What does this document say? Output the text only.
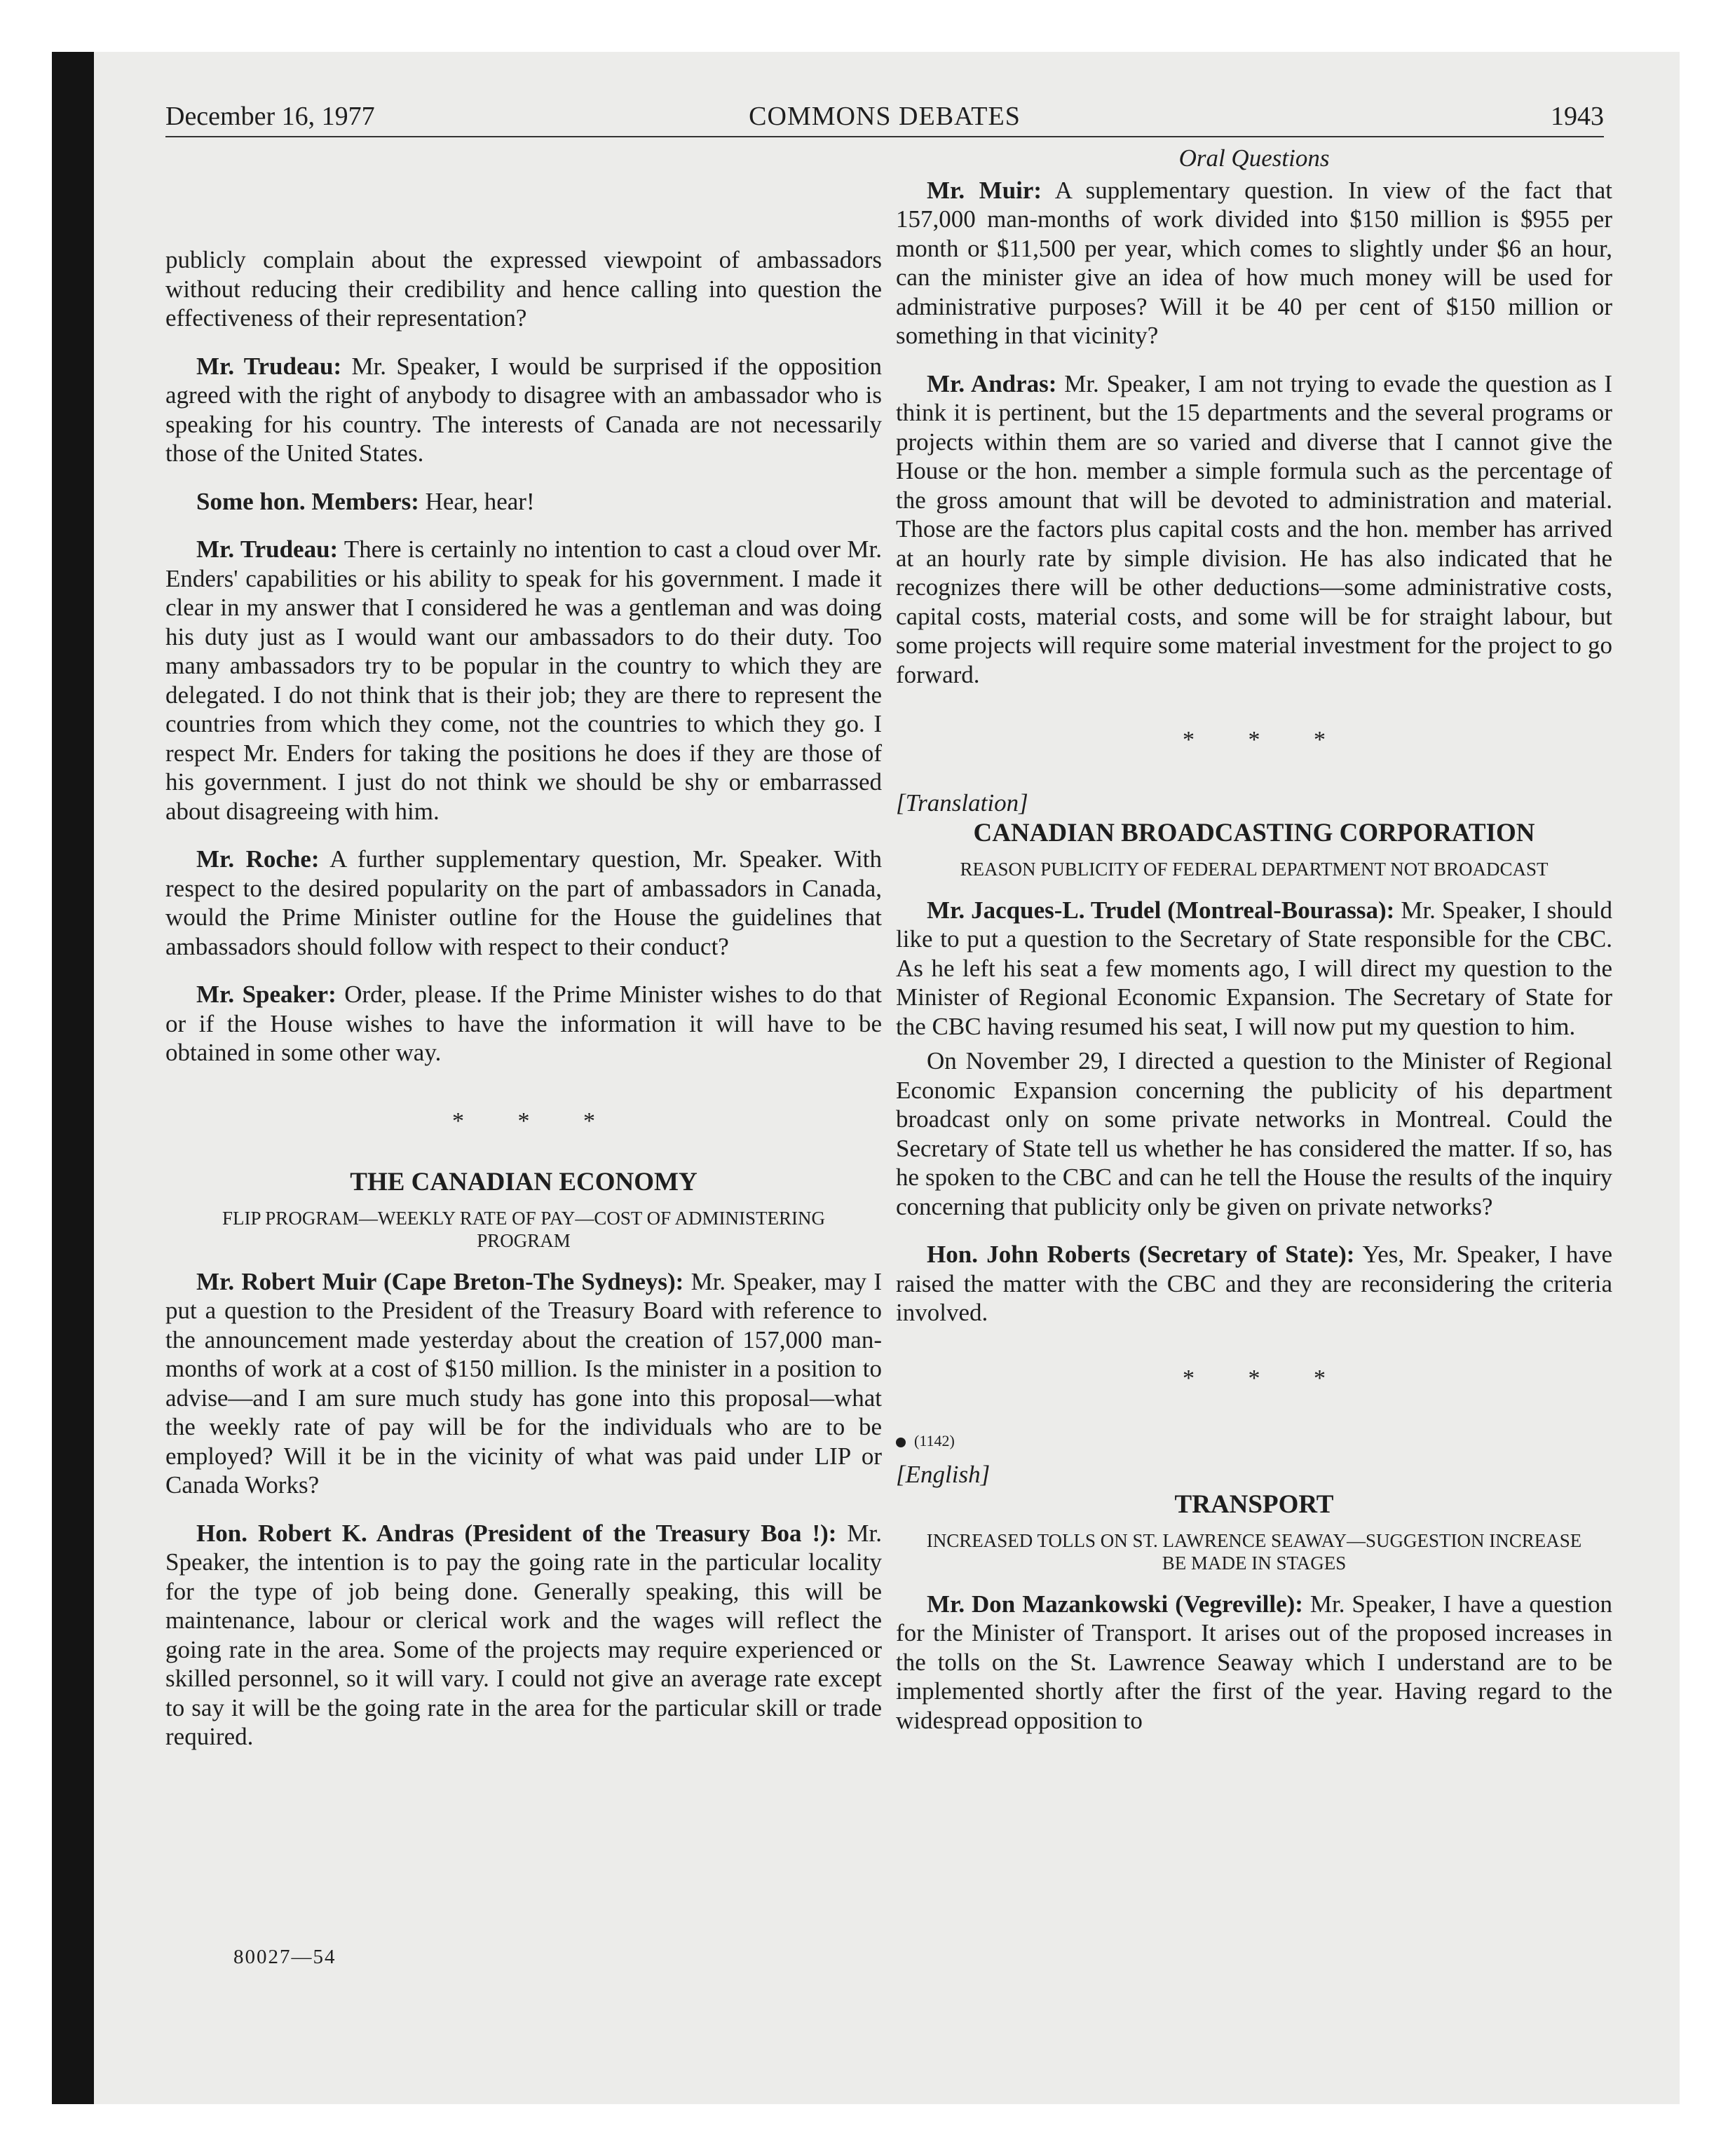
December 16, 1977	COMMONS DEBATES	1943

publicly complain about the expressed viewpoint of ambassadors without reducing their credibility and hence calling into question the effectiveness of their representation?

Mr. Trudeau: Mr. Speaker, I would be surprised if the opposition agreed with the right of anybody to disagree with an ambassador who is speaking for his country. The interests of Canada are not necessarily those of the United States.

Some hon. Members: Hear, hear!

Mr. Trudeau: There is certainly no intention to cast a cloud over Mr. Enders' capabilities or his ability to speak for his government. I made it clear in my answer that I considered he was a gentleman and was doing his duty just as I would want our ambassadors to do their duty. Too many ambassadors try to be popular in the country to which they are delegated. I do not think that is their job; they are there to represent the countries from which they come, not the countries to which they go. I respect Mr. Enders for taking the positions he does if they are those of his government. I just do not think we should be shy or embarrassed about disagreeing with him.

Mr. Roche: A further supplementary question, Mr. Speaker. With respect to the desired popularity on the part of ambassadors in Canada, would the Prime Minister outline for the House the guidelines that ambassadors should follow with respect to their conduct?

Mr. Speaker: Order, please. If the Prime Minister wishes to do that or if the House wishes to have the information it will have to be obtained in some other way.

* * *
THE CANADIAN ECONOMY
FLIP PROGRAM—WEEKLY RATE OF PAY—COST OF ADMINISTERING PROGRAM

Mr. Robert Muir (Cape Breton-The Sydneys): Mr. Speaker, may I put a question to the President of the Treasury Board with reference to the announcement made yesterday about the creation of 157,000 man-months of work at a cost of $150 million. Is the minister in a position to advise—and I am sure much study has gone into this proposal—what the weekly rate of pay will be for the individuals who are to be employed? Will it be in the vicinity of what was paid under LIP or Canada Works?

Hon. Robert K. Andras (President of the Treasury Boa !): Mr. Speaker, the intention is to pay the going rate in the particular locality for the type of job being done. Generally speaking, this will be maintenance, labour or clerical work and the wages will reflect the going rate in the area. Some of the projects may require experienced or skilled personnel, so it will vary. I could not give an average rate except to say it will be the going rate in the area for the particular skill or trade required.

Oral Questions

Mr. Muir: A supplementary question. In view of the fact that 157,000 man-months of work divided into $150 million is $955 per month or $11,500 per year, which comes to slightly under $6 an hour, can the minister give an idea of how much money will be used for administrative purposes? Will it be 40 per cent of $150 million or something in that vicinity?

Mr. Andras: Mr. Speaker, I am not trying to evade the question as I think it is pertinent, but the 15 departments and the several programs or projects within them are so varied and diverse that I cannot give the House or the hon. member a simple formula such as the percentage of the gross amount that will be devoted to administration and material. Those are the factors plus capital costs and the hon. member has arrived at an hourly rate by simple division. He has also indicated that he recognizes there will be other deductions—some administrative costs, capital costs, material costs, and some will be for straight labour, but some projects will require some material investment for the project to go forward.

* * *
[Translation]
CANADIAN BROADCASTING CORPORATION
REASON PUBLICITY OF FEDERAL DEPARTMENT NOT BROADCAST

Mr. Jacques-L. Trudel (Montreal-Bourassa): Mr. Speaker, I should like to put a question to the Secretary of State responsible for the CBC. As he left his seat a few moments ago, I will direct my question to the Minister of Regional Economic Expansion. The Secretary of State for the CBC having resumed his seat, I will now put my question to him.

On November 29, I directed a question to the Minister of Regional Economic Expansion concerning the publicity of his department broadcast only on some private networks in Montreal. Could the Secretary of State tell us whether he has considered the matter. If so, has he spoken to the CBC and can he tell the House the results of the inquiry concerning that publicity only be given on private networks?

Hon. John Roberts (Secretary of State): Yes, Mr. Speaker, I have raised the matter with the CBC and they are reconsidering the criteria involved.

* * *
(1142)
[English]
TRANSPORT
INCREASED TOLLS ON ST. LAWRENCE SEAWAY—SUGGESTION INCREASE BE MADE IN STAGES

Mr. Don Mazankowski (Vegreville): Mr. Speaker, I have a question for the Minister of Transport. It arises out of the proposed increases in the tolls on the St. Lawrence Seaway which I understand are to be implemented shortly after the first of the year. Having regard to the widespread opposition to

80027—54
